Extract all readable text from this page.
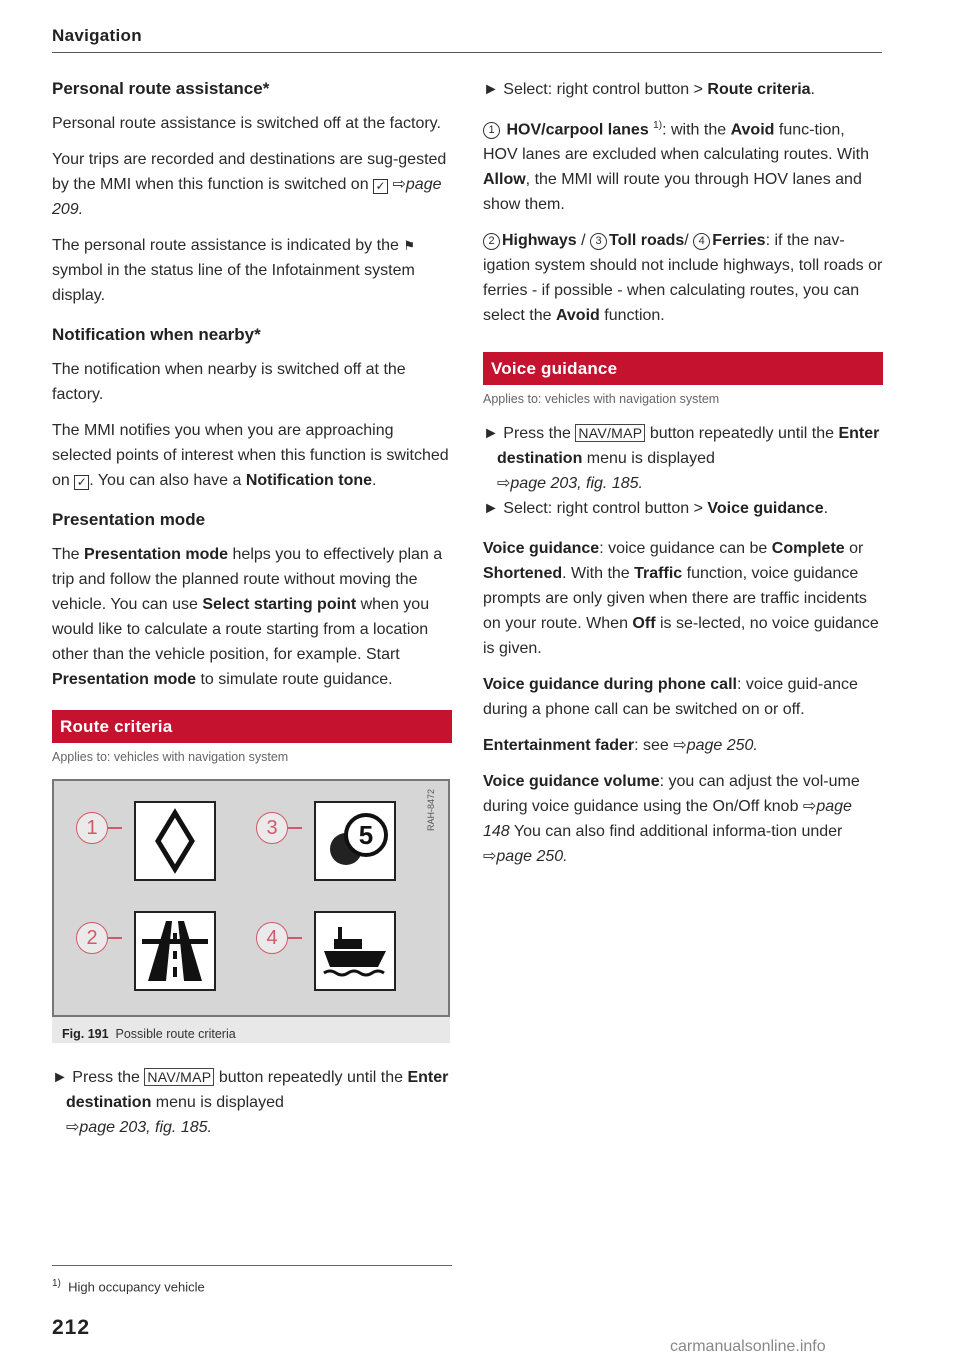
Navigation
Personal route assistance*

Personal route assistance is switched off at the factory.

Your trips are recorded and destinations are sug-gested by the MMI when this function is switched on ✓ ⇨page 209.

The personal route assistance is indicated by the ⚑ symbol in the status line of the Infotainment system display.

Notification when nearby*

The notification when nearby is switched off at the factory.

The MMI notifies you when you are approaching selected points of interest when this function is switched on ✓ . You can also have a Notification tone.

Presentation mode

The Presentation mode helps you to effectively plan a trip and follow the planned route without moving the vehicle. You can use Select starting point when you would like to calculate a route starting from a location other than the vehicle position, for example. Start Presentation mode to simulate route guidance.

Route criteria
Applies to: vehicles with navigation system
RAH-8472
1	3	5
2	4
Fig. 191 Possible route criteria

► Press the NAV/MAP button repeatedly until the Enter destination menu is displayed
⇨page 203, fig. 185.

► Select: right control button > Route criteria.

1 HOV/carpool lanes $^{1)}$: with the Avoid func-tion, HOV lanes are excluded when calculating routes. With Allow, the MMI will route you through HOV lanes and show them.

2 Highways / 3 Toll roads/ 4 Ferries: if the nav-igation system should not include highways, toll roads or ferries - if possible - when calculating routes, you can select the Avoid function.

Voice guidance
Applies to: vehicles with navigation system

► Press the NAV/MAP button repeatedly until the Enter destination menu is displayed
⇨page 203, fig. 185.

► Select: right control button > Voice guidance.

Voice guidance: voice guidance can be Complete or Shortened. With the Traffic function, voice guidance prompts are only given when there are traffic incidents on your route. When Off is se-lected, no voice guidance is given.

Voice guidance during phone call: voice guid-ance during a phone call can be switched on or off.

Entertainment fader: see ⇨page 250.

Voice guidance volume: you can adjust the vol-ume during voice guidance using the On/Off knob ⇨page 148 You can also find additional informa-tion under ⇨page 250.

$^{1)}$ High occupancy vehicle
212
carmanualsonline.info
